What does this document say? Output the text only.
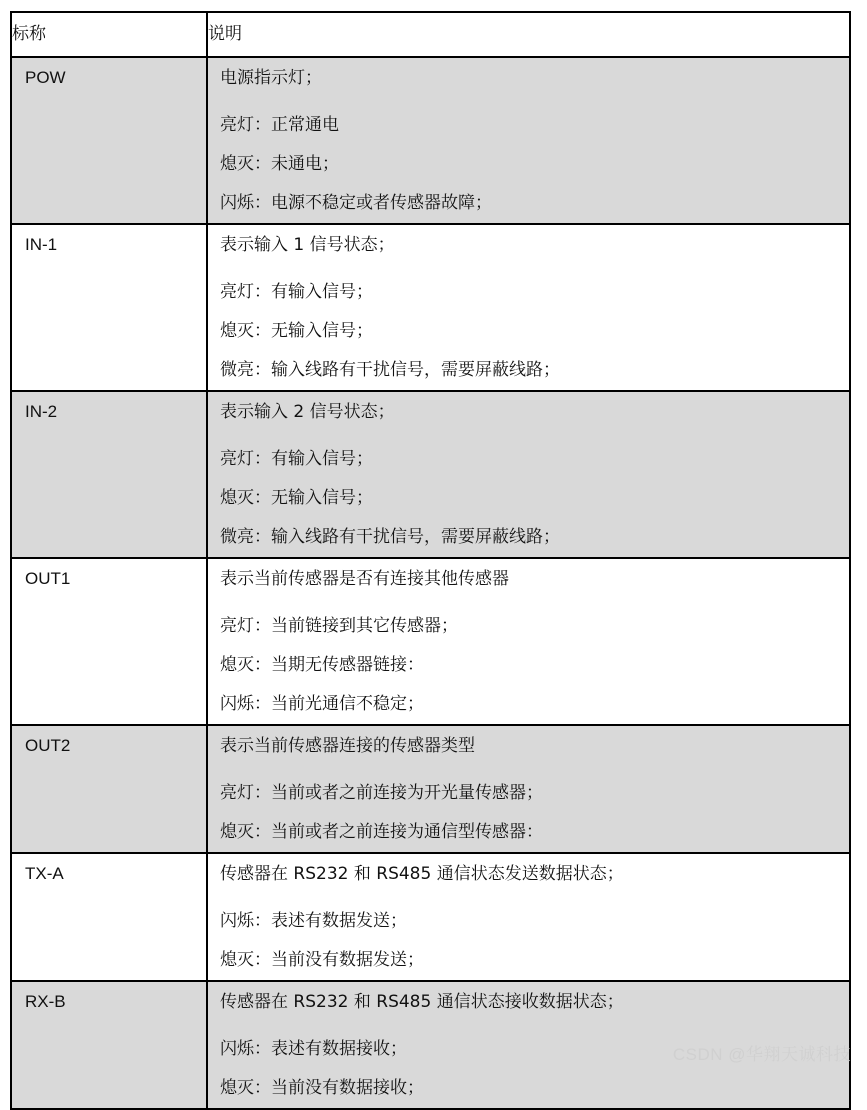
标称	说明
POW	电源指示灯；
亮灯：正常通电
熄灭：未通电；
闪烁：电源不稳定或者传感器故障；

IN-1	表示输入 1 信号状态；
亮灯：有输入信号；
熄灭：无输入信号；
微亮：输入线路有干扰信号，需要屏蔽线路；

IN-2	表示输入 2 信号状态；
亮灯：有输入信号；
熄灭：无输入信号；
微亮：输入线路有干扰信号，需要屏蔽线路；

OUT1	表示当前传感器是否有连接其他传感器
亮灯：当前链接到其它传感器；
熄灭：当期无传感器链接：
闪烁：当前光通信不稳定；

OUT2	表示当前传感器连接的传感器类型
亮灯：当前或者之前连接为开光量传感器；
熄灭：当前或者之前连接为通信型传感器：

TX-A	传感器在 RS232 和 RS485 通信状态发送数据状态；
闪烁：表述有数据发送；
熄灭：当前没有数据发送；

RX-B	传感器在 RS232 和 RS485 通信状态接收数据状态；
闪烁：表述有数据接收；
熄灭：当前没有数据接收；
CSDN @华翔天诚科技
